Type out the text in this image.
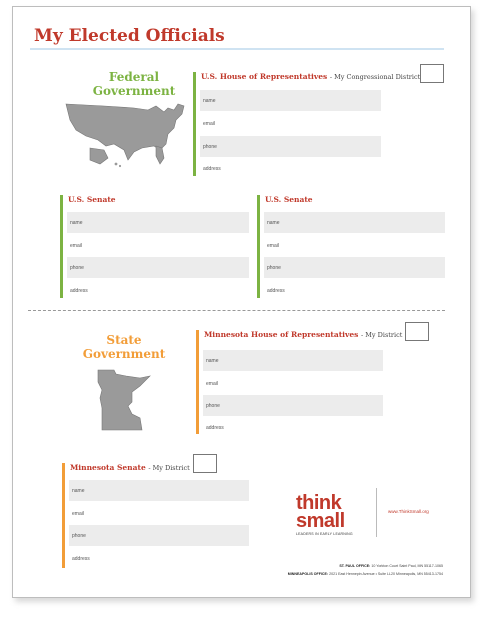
My Elected Officials
Federal
Government
U.S. House of Representatives - My Congressional District
name
email
phone
address
U.S. Senate
name
email
phone
address
U.S. Senate
name
email
phone
address
State
Government
Minnesota House of Representatives - My District
name
email
phone
address
Minnesota Senate - My District
name
email
phone
address
think
small
LEADERS IN EARLY LEARNING
www.ThinkSmall.org
ST. PAUL OFFICE: 10 Yorkton Court Saint Paul, MN 55117-1065
MINNEAPOLIS OFFICE: 2021 East Hennepin Avenue • Suite LL20 Minneapolis, MN 55413-1754
